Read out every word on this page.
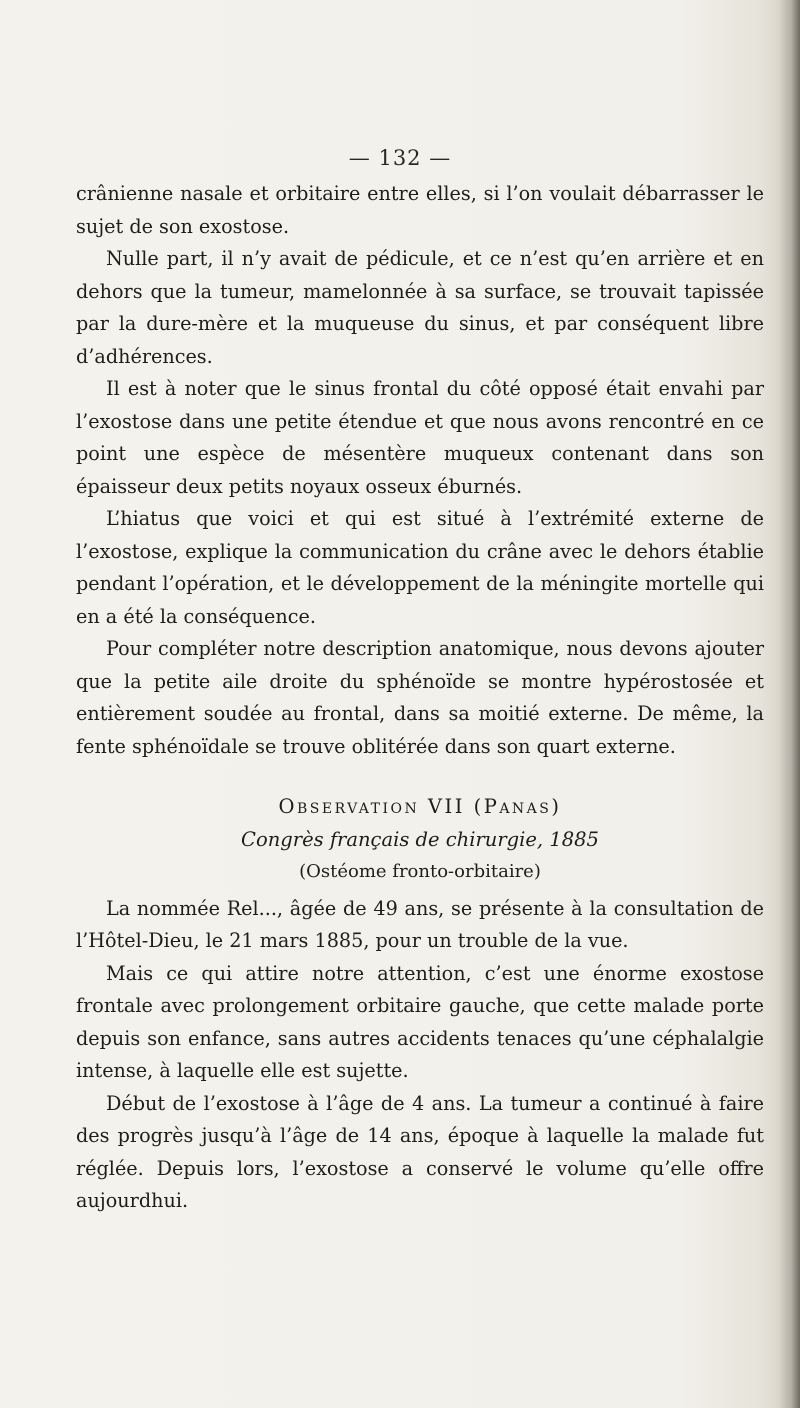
— 132 —

crânienne nasale et orbitaire entre elles, si l’on voulait débarrasser le sujet de son exostose.

Nulle part, il n’y avait de pédicule, et ce n’est qu’en arrière et en dehors que la tumeur, mamelonnée à sa surface, se trouvait tapissée par la dure-mère et la muqueuse du sinus, et par conséquent libre d’adhérences.

Il est à noter que le sinus frontal du côté opposé était envahi par l’exostose dans une petite étendue et que nous avons rencontré en ce point une espèce de mésentère muqueux contenant dans son épaisseur deux petits noyaux osseux éburnés.

L’hiatus que voici et qui est situé à l’extrémité externe de l’exostose, explique la communication du crâne avec le dehors établie pendant l’opération, et le développement de la méningite mortelle qui en a été la conséquence.

Pour compléter notre description anatomique, nous devons ajouter que la petite aile droite du sphénoïde se montre hypérostosée et entièrement soudée au frontal, dans sa moitié externe. De même, la fente sphénoïdale se trouve oblitérée dans son quart externe.

Observation VII (Panas)
Congrès français de chirurgie, 1885
(Ostéome fronto-orbitaire)

La nommée Rel..., âgée de 49 ans, se présente à la consultation de l’Hôtel-Dieu, le 21 mars 1885, pour un trouble de la vue.

Mais ce qui attire notre attention, c’est une énorme exostose frontale avec prolongement orbitaire gauche, que cette malade porte depuis son enfance, sans autres accidents tenaces qu’une céphalalgie intense, à laquelle elle est sujette.

Début de l’exostose à l’âge de 4 ans. La tumeur a continué à faire des progrès jusqu’à l’âge de 14 ans, époque à laquelle la malade fut réglée. Depuis lors, l’exostose a conservé le volume qu’elle offre aujourdhui.
